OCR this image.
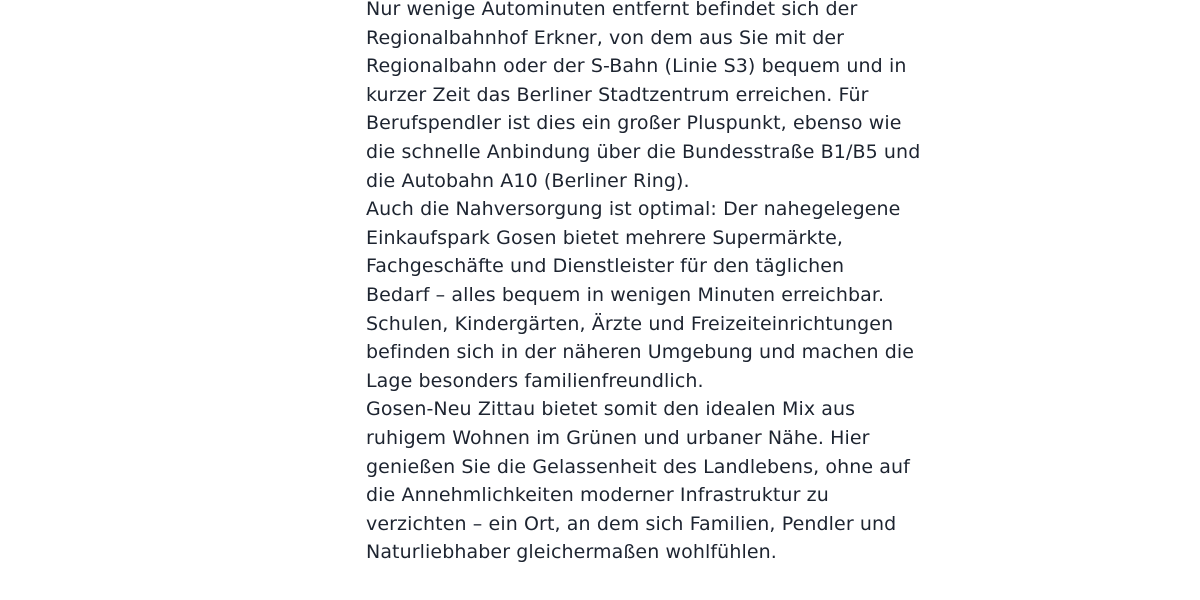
Nur wenige Autominuten entfernt befindet sich der
Regionalbahnhof Erkner, von dem aus Sie mit der
Regionalbahn oder der S-Bahn (Linie S3) bequem und in
kurzer Zeit das Berliner Stadtzentrum erreichen. Für
Berufspendler ist dies ein großer Pluspunkt, ebenso wie
die schnelle Anbindung über die Bundesstraße B1/B5 und
die Autobahn A10 (Berliner Ring).

Auch die Nahversorgung ist optimal: Der nahegelegene
Einkaufspark Gosen bietet mehrere Supermärkte,
Fachgeschäfte und Dienstleister für den täglichen
Bedarf – alles bequem in wenigen Minuten erreichbar.
Schulen, Kindergärten, Ärzte und Freizeiteinrichtungen
befinden sich in der näheren Umgebung und machen die
Lage besonders familienfreundlich.

Gosen-Neu Zittau bietet somit den idealen Mix aus
ruhigem Wohnen im Grünen und urbaner Nähe. Hier
genießen Sie die Gelassenheit des Landlebens, ohne auf
die Annehmlichkeiten moderner Infrastruktur zu
verzichten – ein Ort, an dem sich Familien, Pendler und
Naturliebhaber gleichermaßen wohlfühlen.
